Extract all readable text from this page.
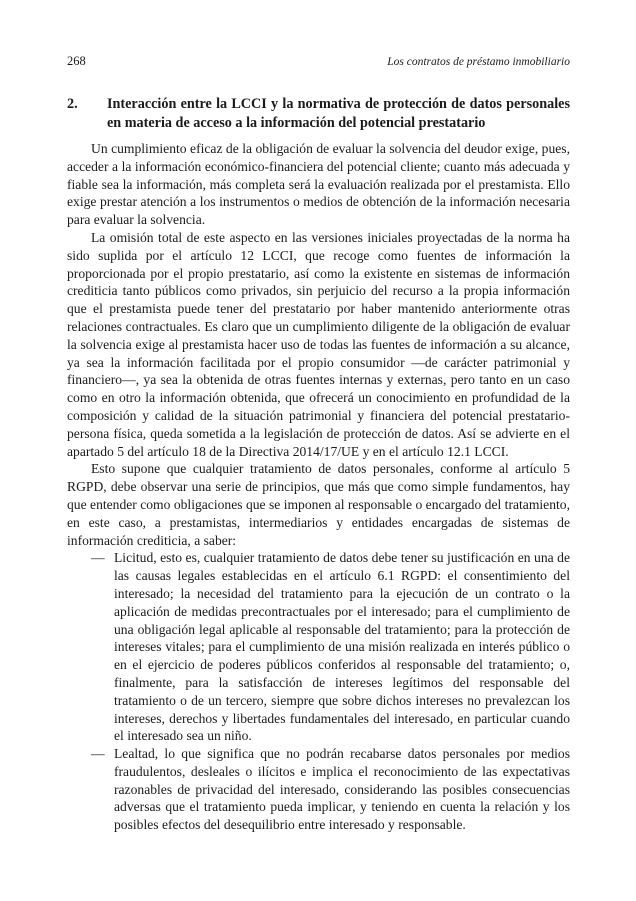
268	Los contratos de préstamo inmobiliario
2.	Interacción entre la LCCI y la normativa de protección de datos personales en materia de acceso a la información del potencial prestatario

Un cumplimiento eficaz de la obligación de evaluar la solvencia del deudor exige, pues, acceder a la información económico-financiera del potencial cliente; cuanto más adecuada y fiable sea la información, más completa será la evaluación realizada por el prestamista. Ello exige prestar atención a los instrumentos o medios de obtención de la información necesaria para evaluar la solvencia.

La omisión total de este aspecto en las versiones iniciales proyectadas de la norma ha sido suplida por el artículo 12 LCCI, que recoge como fuentes de información la proporcionada por el propio prestatario, así como la existente en sistemas de información crediticia tanto públicos como privados, sin perjuicio del recurso a la propia información que el prestamista puede tener del prestatario por haber mantenido anteriormente otras relaciones contractuales. Es claro que un cumplimiento diligente de la obligación de evaluar la solvencia exige al prestamista hacer uso de todas las fuentes de información a su alcance, ya sea la información facilitada por el propio consumidor —de carácter patrimonial y financiero—, ya sea la obtenida de otras fuentes internas y externas, pero tanto en un caso como en otro la información obtenida, que ofrecerá un conocimiento en profundidad de la composición y calidad de la situación patrimonial y financiera del potencial prestatario-persona física, queda sometida a la legislación de protección de datos. Así se advierte en el apartado 5 del artículo 18 de la Directiva 2014/17/UE y en el artículo 12.1 LCCI.

Esto supone que cualquier tratamiento de datos personales, conforme al artículo 5 RGPD, debe observar una serie de principios, que más que como simple fundamentos, hay que entender como obligaciones que se imponen al responsable o encargado del tratamiento, en este caso, a prestamistas, intermediarios y entidades encargadas de sistemas de información crediticia, a saber:

— Licitud, esto es, cualquier tratamiento de datos debe tener su justificación en una de las causas legales establecidas en el artículo 6.1 RGPD: el consentimiento del interesado; la necesidad del tratamiento para la ejecución de un contrato o la aplicación de medidas precontractuales por el interesado; para el cumplimiento de una obligación legal aplicable al responsable del tratamiento; para la protección de intereses vitales; para el cumplimiento de una misión realizada en interés público o en el ejercicio de poderes públicos conferidos al responsable del tratamiento; o, finalmente, para la satisfacción de intereses legítimos del responsable del tratamiento o de un tercero, siempre que sobre dichos intereses no prevalezcan los intereses, derechos y libertades fundamentales del interesado, en particular cuando el interesado sea un niño.
— Lealtad, lo que significa que no podrán recabarse datos personales por medios fraudulentos, desleales o ilícitos e implica el reconocimiento de las expectativas razonables de privacidad del interesado, considerando las posibles consecuencias adversas que el tratamiento pueda implicar, y teniendo en cuenta la relación y los posibles efectos del desequilibrio entre interesado y responsable.
